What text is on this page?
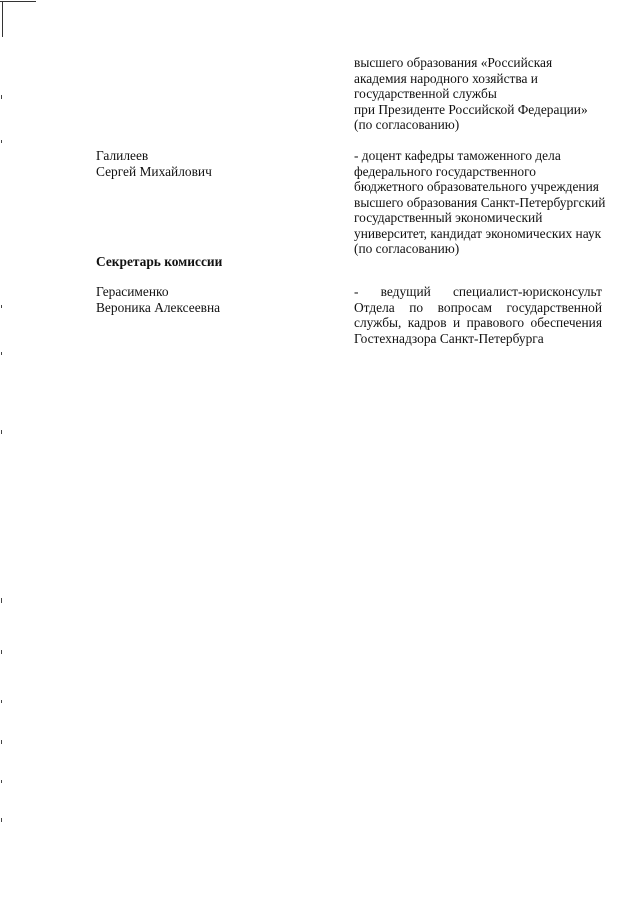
высшего образования «Российская
академия народного хозяйства и
государственной службы
при Президенте Российской Федерации»
(по согласованию)
Галилеев
Сергей Михайлович
- доцент кафедры таможенного дела
федерального государственного
бюджетного образовательного учреждения
высшего образования Санкт-Петербургский
государственный экономический
университет, кандидат экономических наук
(по согласованию)
Секретарь комиссии
Герасименко
Вероника Алексеевна
- ведущий специалист-юрисконсульт
Отдела по вопросам государственной
службы, кадров и правового обеспечения
Гостехнадзора Санкт-Петербурга
